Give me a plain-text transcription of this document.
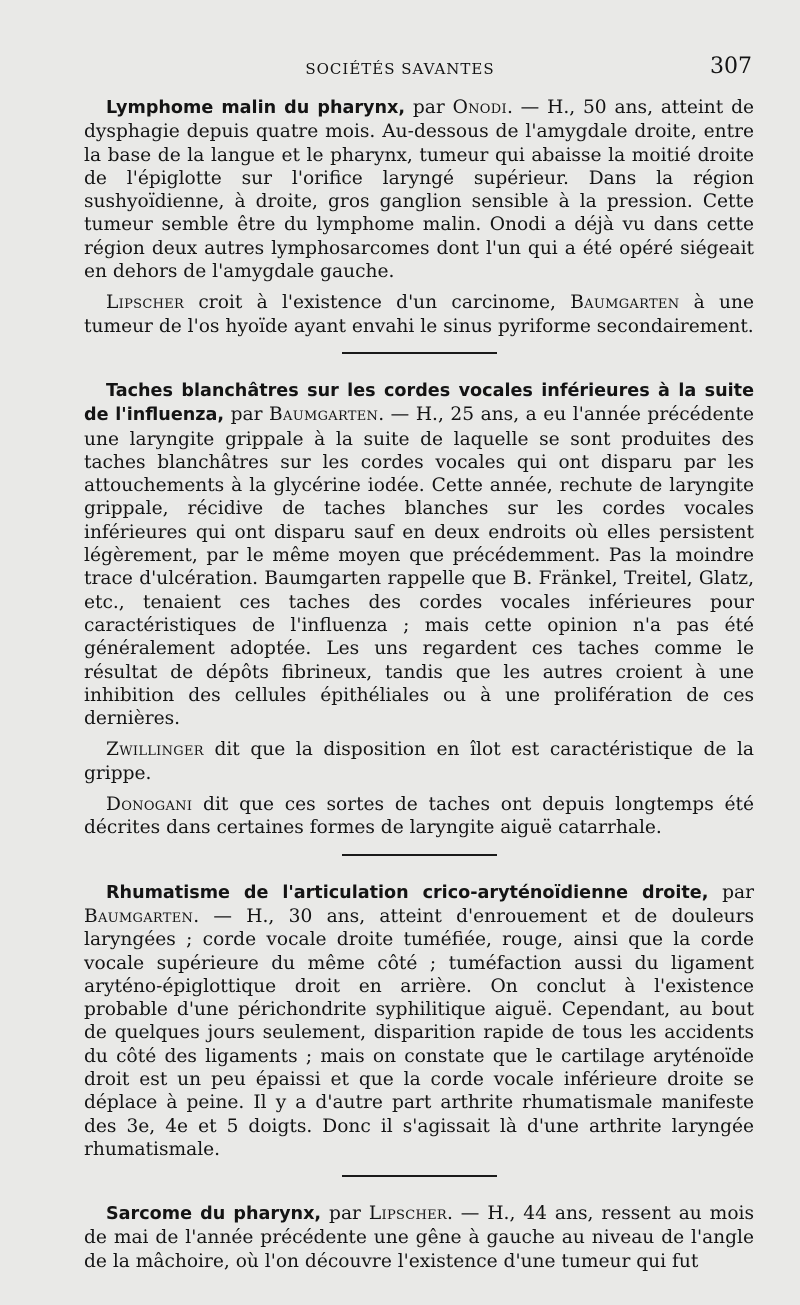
SOCIÉTÉS SAVANTES	307

Lymphome malin du pharynx, par Onodi. — H., 50 ans, atteint de dysphagie depuis quatre mois. Au-dessous de l'amygdale droite, entre la base de la langue et le pharynx, tumeur qui abaisse la moitié droite de l'épiglotte sur l'orifice laryngé supérieur. Dans la région sushyoïdienne, à droite, gros ganglion sensible à la pression. Cette tumeur semble être du lymphome malin. Onodi a déjà vu dans cette région deux autres lymphosarcomes dont l'un qui a été opéré siégeait en dehors de l'amygdale gauche.

Lipscher croit à l'existence d'un carcinome, Baumgarten à une tumeur de l'os hyoïde ayant envahi le sinus pyriforme secondairement.

Taches blanchâtres sur les cordes vocales inférieures à la suite de l'influenza, par Baumgarten. — H., 25 ans, a eu l'année précédente une laryngite grippale à la suite de laquelle se sont produites des taches blanchâtres sur les cordes vocales qui ont disparu par les attouchements à la glycérine iodée. Cette année, rechute de laryngite grippale, récidive de taches blanches sur les cordes vocales inférieures qui ont disparu sauf en deux endroits où elles persistent légèrement, par le même moyen que précédemment. Pas la moindre trace d'ulcération. Baumgarten rappelle que B. Fränkel, Treitel, Glatz, etc., tenaient ces taches des cordes vocales inférieures pour caractéristiques de l'influenza ; mais cette opinion n'a pas été généralement adoptée. Les uns regardent ces taches comme le résultat de dépôts fibrineux, tandis que les autres croient à une inhibition des cellules épithéliales ou à une prolifération de ces dernières.

Zwillinger dit que la disposition en îlot est caractéristique de la grippe.

Donogani dit que ces sortes de taches ont depuis longtemps été décrites dans certaines formes de laryngite aiguë catarrhale.

Rhumatisme de l'articulation crico-aryténoïdienne droite, par Baumgarten. — H., 30 ans, atteint d'enrouement et de douleurs laryngées ; corde vocale droite tuméfiée, rouge, ainsi que la corde vocale supérieure du même côté ; tuméfaction aussi du ligament aryténo-épiglottique droit en arrière. On conclut à l'existence probable d'une périchondrite syphilitique aiguë. Cependant, au bout de quelques jours seulement, disparition rapide de tous les accidents du côté des ligaments ; mais on constate que le cartilage aryténoïde droit est un peu épaissi et que la corde vocale inférieure droite se déplace à peine. Il y a d'autre part arthrite rhumatismale manifeste des 3e, 4e et 5 doigts. Donc il s'agissait là d'une arthrite laryngée rhumatismale.

Sarcome du pharynx, par Lipscher. — H., 44 ans, ressent au mois de mai de l'année précédente une gêne à gauche au niveau de l'angle de la mâchoire, où l'on découvre l'existence d'une tumeur qui fut
